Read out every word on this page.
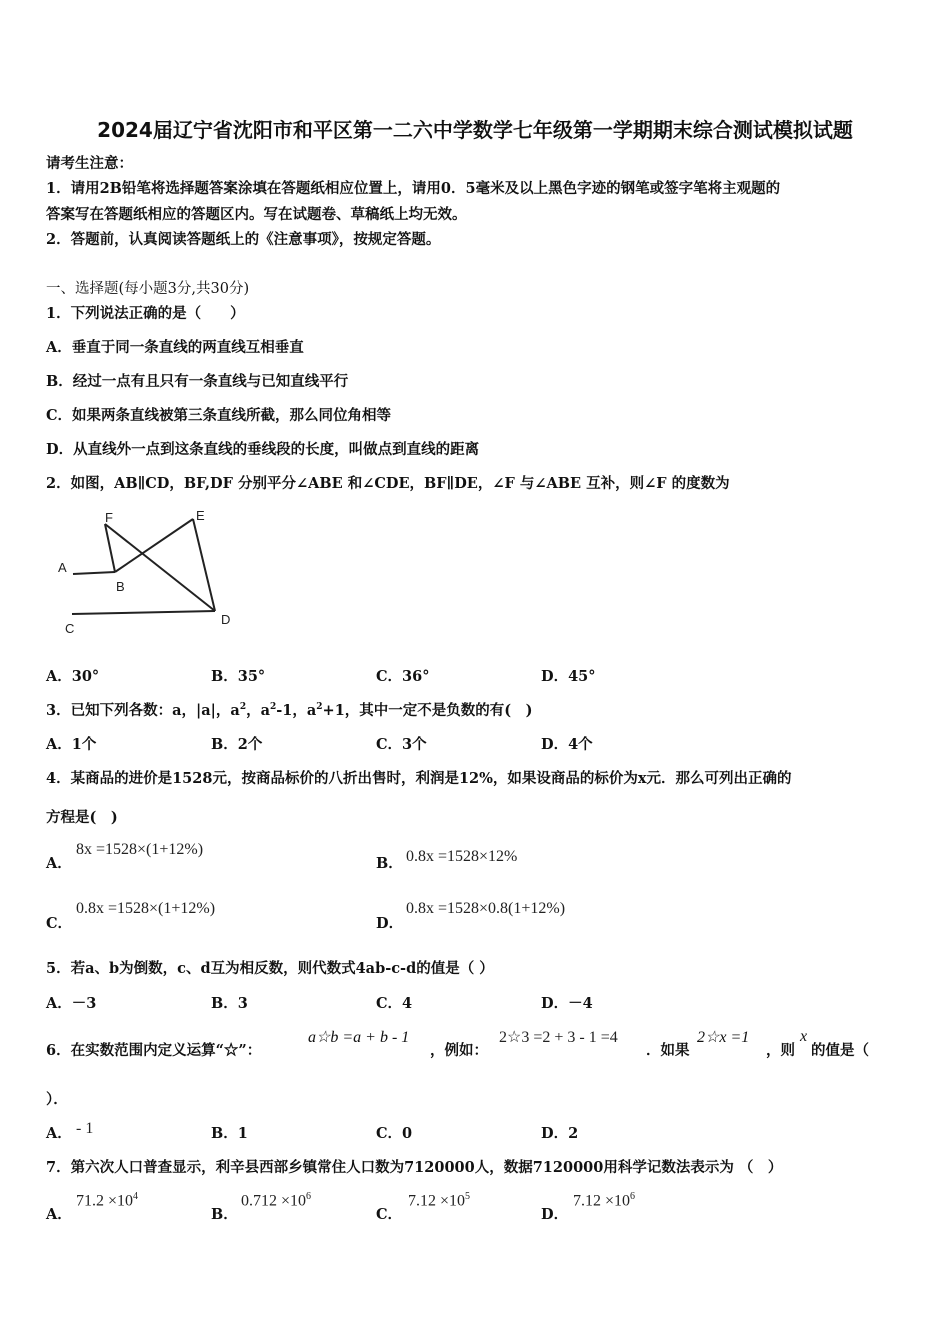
2024届辽宁省沈阳市和平区第一二六中学数学七年级第一学期期末综合测试模拟试题
请考生注意：
1．请用2B铅笔将选择题答案涂填在答题纸相应位置上，请用0．5毫米及以上黑色字迹的钢笔或签字笔将主观题的
答案写在答题纸相应的答题区内。写在试题卷、草稿纸上均无效。
2．答题前，认真阅读答题纸上的《注意事项》，按规定答题。
一、选择题(每小题3分,共30分)
1．下列说法正确的是（　　）
A．垂直于同一条直线的两直线互相垂直
B．经过一点有且只有一条直线与已知直线平行
C．如果两条直线被第三条直线所截，那么同位角相等
D．从直线外一点到这条直线的垂线段的长度，叫做点到直线的距离
2．如图，AB∥CD，BF,DF 分别平分∠ABE 和∠CDE，BF∥DE，∠F 与∠ABE 互补，则∠F 的度数为
A
B
C
D
E
F
A．30°	B．35°	C．36°	D．45°
3．已知下列各数：a，|a|，$a^2$，$a^2-1$，$a^2+1$，其中一定不是负数的有(　)
A．1个	B．2个	C．3个	D．4个
4．某商品的进价是1528元，按商品标价的八折出售时，利润是12%，如果设商品的标价为x元．那么可列出正确的
方程是(　)
A．
8x =1528×(1+12%)
B． 0.8x =1528×12%
C．
0.8x =1528×(1+12%)
D．
0.8x =1528×0.8(1+12%)
5．若a、b为倒数，c、d互为相反数，则代数式4ab-c-d的值是（ ）
A．－3	B．3	C．4	D．－4
6．在实数范围内定义运算“☆”：
a☆b =a + b - 1
，例如：
2☆3 =2 + 3 - 1 =4
．如果
2☆x =1
，则
x
的值是（
）．
A． - 1	B．1	C．0	D．2
7．第六次人口普查显示，利辛县西部乡镇常住人口数为7120000人，数据7120000用科学记数法表示为 （　）
A．
$71.2 \times 10^4$
B．
$0.712 \times 10^6$
C．
$7.12 \times 10^5$
D．
$7.12 \times 10^6$
